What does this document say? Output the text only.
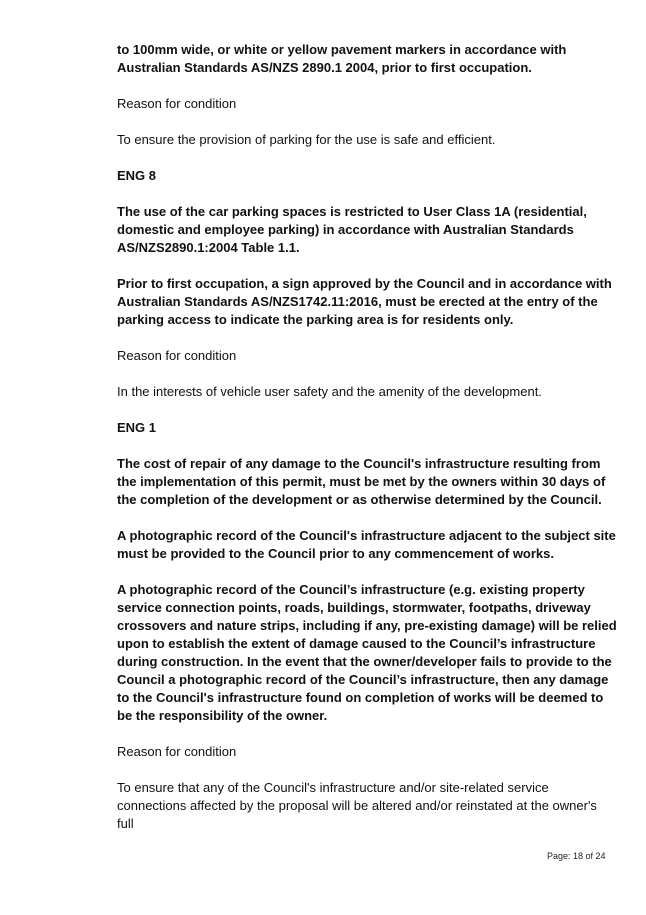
to 100mm wide, or white or yellow pavement markers in accordance with Australian Standards AS/NZS 2890.1 2004, prior to first occupation.

Reason for condition

To ensure the provision of parking for the use is safe and efficient.

ENG 8

The use of the car parking spaces is restricted to User Class 1A (residential, domestic and employee parking) in accordance with Australian Standards AS/NZS2890.1:2004 Table 1.1.

Prior to first occupation, a sign approved by the Council and in accordance with Australian Standards AS/NZS1742.11:2016, must be erected at the entry of the parking access to indicate the parking area is for residents only.

Reason for condition

In the interests of vehicle user safety and the amenity of the development.

ENG 1

The cost of repair of any damage to the Council's infrastructure resulting from the implementation of this permit, must be met by the owners within 30 days of the completion of the development or as otherwise determined by the Council.

A photographic record of the Council's infrastructure adjacent to the subject site must be provided to the Council prior to any commencement of works.

A photographic record of the Council’s infrastructure (e.g. existing property service connection points, roads, buildings, stormwater, footpaths, driveway crossovers and nature strips, including if any, pre-existing damage) will be relied upon to establish the extent of damage caused to the Council’s infrastructure during construction. In the event that the owner/developer fails to provide to the Council a photographic record of the Council’s infrastructure, then any damage to the Council's infrastructure found on completion of works will be deemed to be the responsibility of the owner.

Reason for condition

To ensure that any of the Council's infrastructure and/or site-related service connections affected by the proposal will be altered and/or reinstated at the owner's full

Page: 18 of 24
